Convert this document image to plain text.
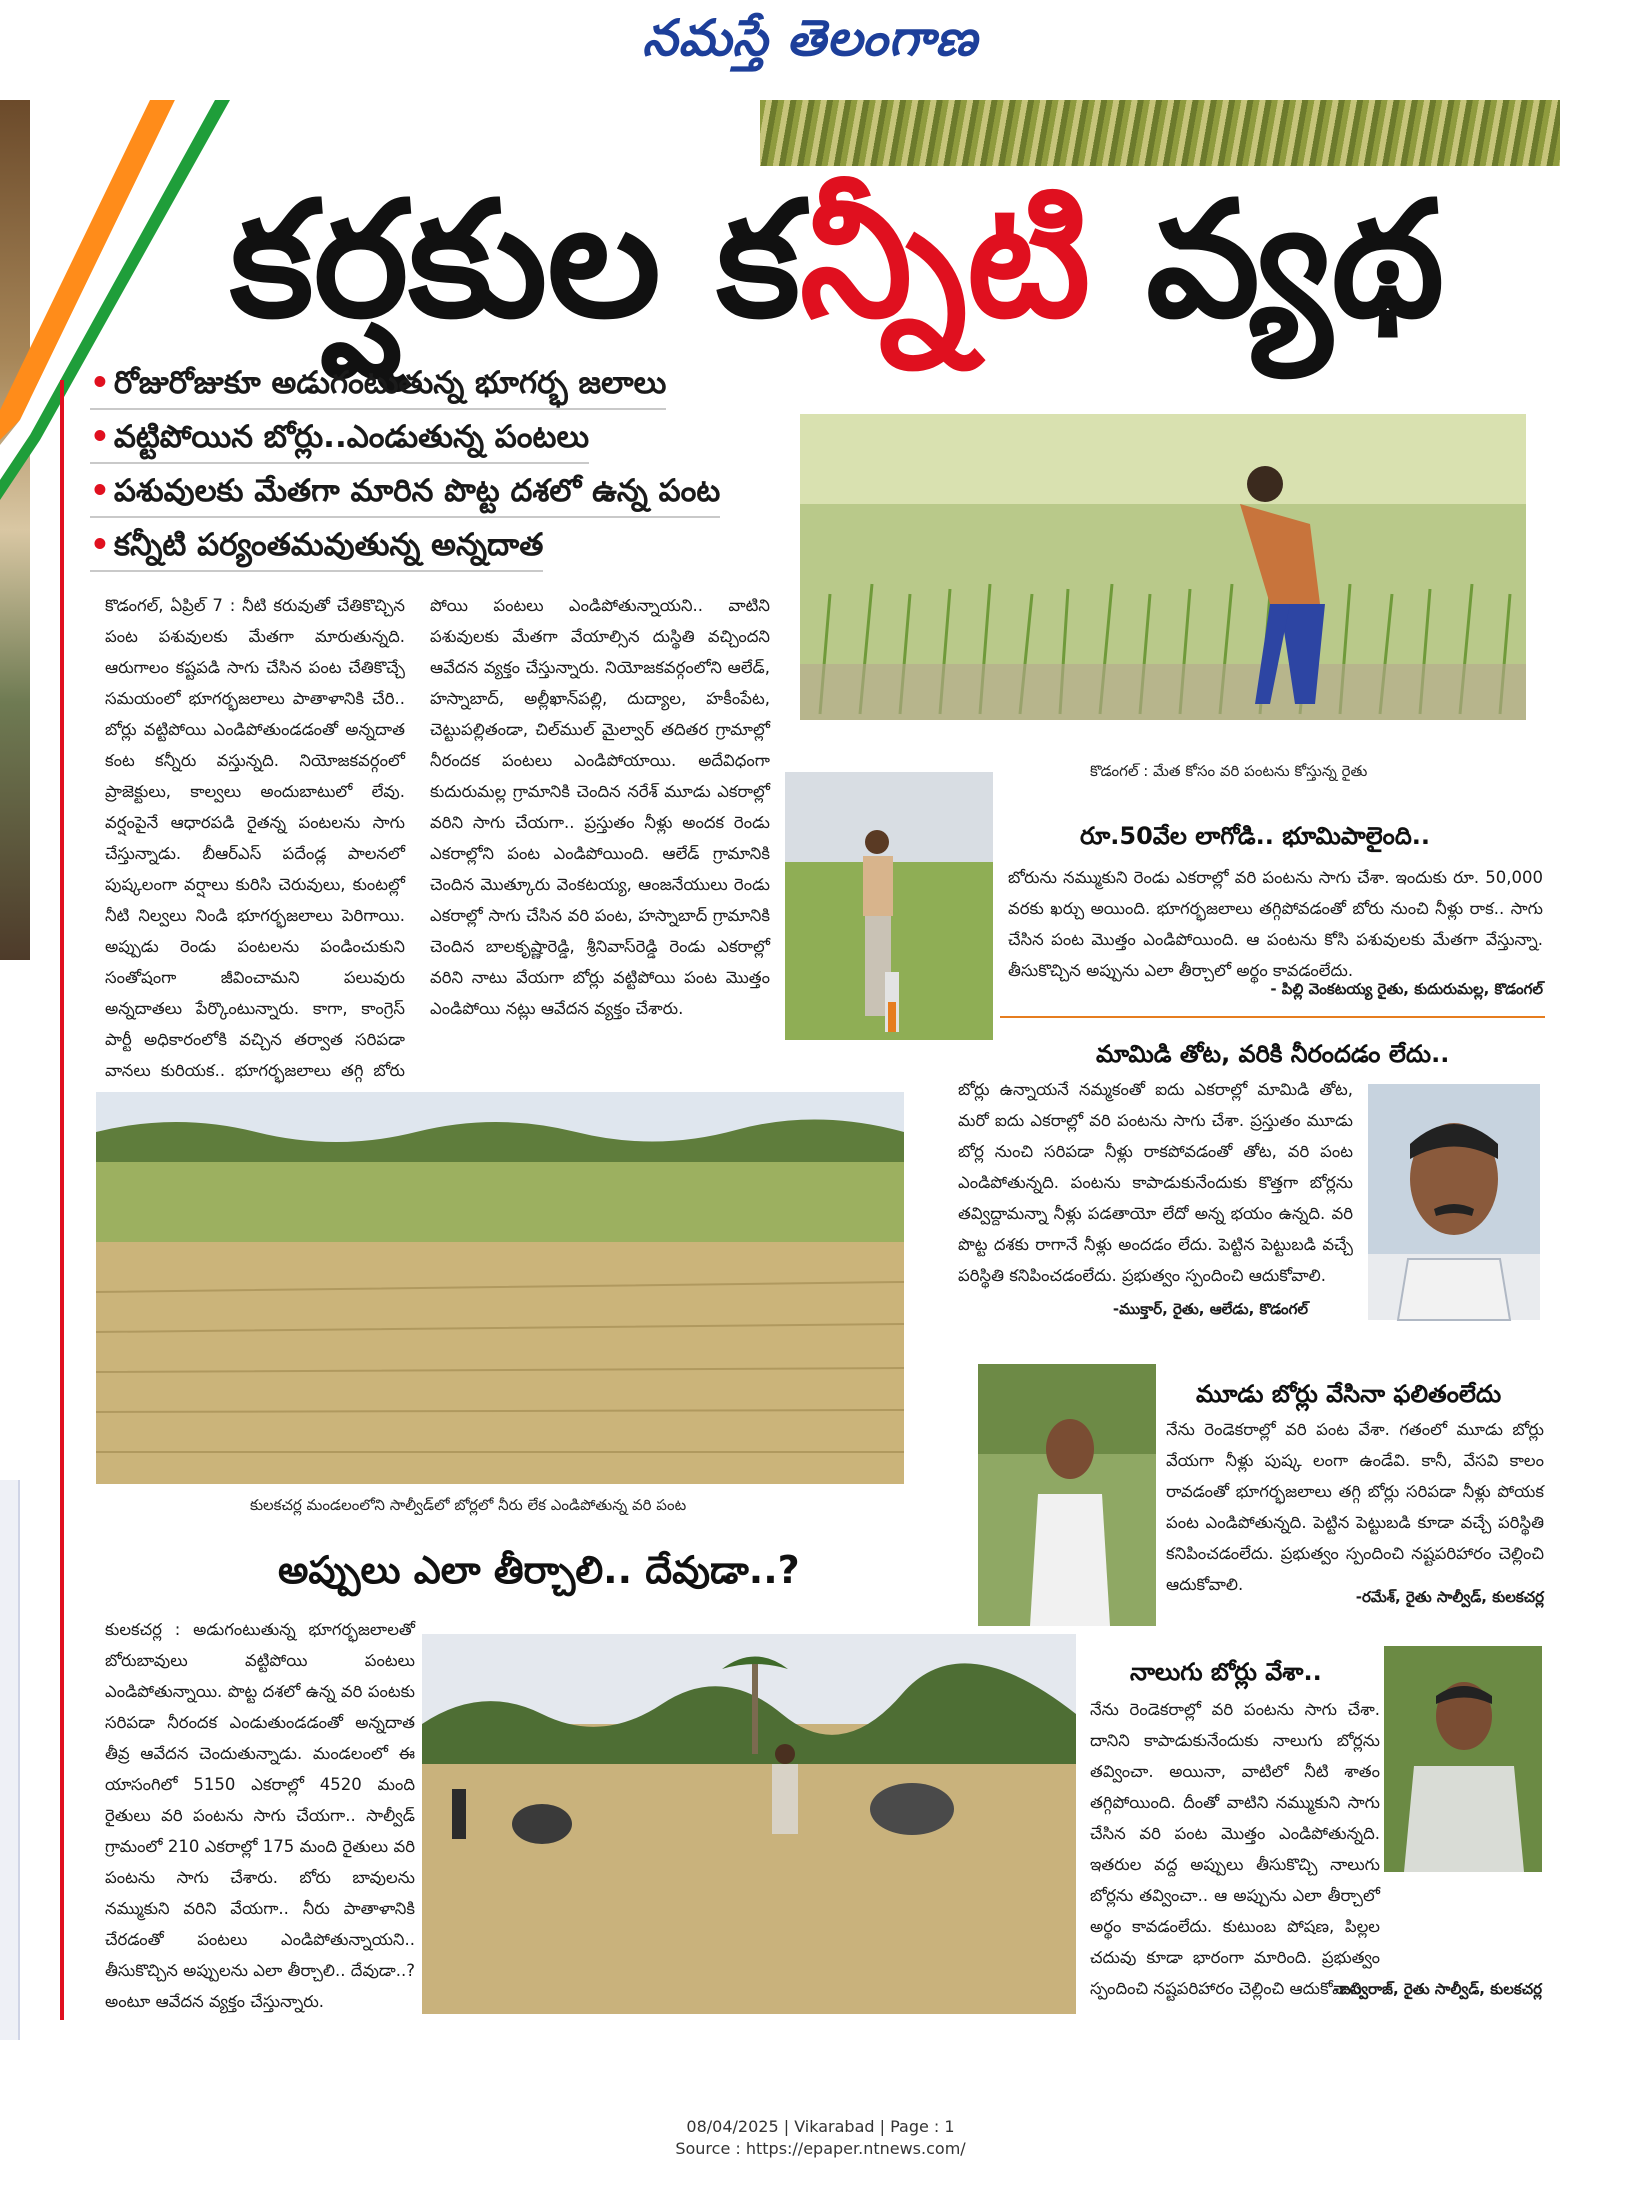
నమస్తే తెలంగాణ
కర్షకుల కన్నీటి వ్యథ
• రోజురోజుకూ అడుగంటుతున్న భూగర్భ జలాలు
• వట్టిపోయిన బోర్లు..ఎండుతున్న పంటలు
• పశువులకు మేతగా మారిన పొట్ట దశలో ఉన్న పంట
• కన్నీటి పర్యంతమవుతున్న అన్నదాత
కొడంగల్‌, ఏప్రిల్‌ 7 : నీటి కరువుతో చేతికొచ్చిన పంట పశువులకు మేతగా మారుతున్నది. ఆరుగాలం కష్టపడి సాగు చేసిన పంట చేతికొచ్చే సమయంలో భూగర్భజలాలు పాతాళానికి చేరి.. బోర్లు వట్టిపోయి ఎండిపోతుండడంతో అన్నదాత కంట కన్నీరు వస్తున్నది. నియోజకవర్గంలో ప్రాజెక్టులు, కాల్వలు అందుబాటులో లేవు. వర్షంపైనే ఆధారపడి రైతన్న పంటలను సాగు చేస్తున్నాడు. బీఆర్‌ఎస్‌ పదేండ్ల పాలనలో పుష్కలంగా వర్షాలు కురిసి చెరువులు, కుంటల్లో నీటి నిల్వలు నిండి భూగర్భజలాలు పెరిగాయి. అప్పుడు రెండు పంటలను పండించుకుని సంతోషంగా జీవించామని పలువురు అన్నదాతలు పేర్కొంటున్నారు. కాగా, కాంగ్రెస్‌ పార్టీ అధికారంలోకి వచ్చిన తర్వాత సరిపడా వానలు కురియక.. భూగర్భజలాలు తగ్గి బోరు
పోయి పంటలు ఎండిపోతున్నాయని.. వాటిని పశువులకు మేతగా వేయాల్సిన దుస్థితి వచ్చిందని ఆవేదన వ్యక్తం చేస్తున్నారు. నియోజకవర్గంలోని ఆలేడ్‌, హస్నాబాద్‌, అల్లీఖాన్‌పల్లి, దుద్యాల, హకీంపేట, చెట్టుపల్లితండా, చిల్‌ముల్‌ మైల్వార్‌ తదితర గ్రామాల్లో నీరందక పంటలు ఎండిపోయాయి. అదేవిధంగా కుదురుమల్ల గ్రామానికి చెందిన నరేశ్‌ మూడు ఎకరాల్లో వరిని సాగు చేయగా.. ప్రస్తుతం నీళ్లు అందక రెండు ఎకరాల్లోని పంట ఎండిపోయింది. ఆలేడ్‌ గ్రామానికి చెందిన మొత్కూరు వెంకటయ్య, ఆంజనేయులు రెండు ఎకరాల్లో సాగు చేసిన వరి పంట, హస్నాబాద్‌ గ్రామానికి చెందిన బాలకృష్ణారెడ్డి, శ్రీనివాస్‌రెడ్డి రెండు ఎకరాల్లో వరిని నాటు వేయగా బోర్లు వట్టిపోయి పంట మొత్తం ఎండిపోయి నట్లు ఆవేదన వ్యక్తం చేశారు.
కొడంగల్‌ : మేత కోసం వరి పంటను కోస్తున్న రైతు
రూ.50వేల లాగోడి.. భూమిపాలైంది..
బోరును నమ్ముకుని రెండు ఎకరాల్లో వరి పంటను సాగు చేశా. ఇందుకు రూ. 50,000 వరకు ఖర్చు అయింది. భూగర్భజలాలు తగ్గిపోవడంతో బోరు నుంచి నీళ్లు రాక.. సాగు చేసిన పంట మొత్తం ఎండిపోయింది. ఆ పంటను కోసి పశువులకు మేతగా వేస్తున్నా. తీసుకొచ్చిన అప్పును ఎలా తీర్చాలో అర్థం కావడంలేదు.
- పిల్లి వెంకటయ్య రైతు, కుదురుమల్ల, కొడంగల్‌
మామిడి తోట, వరికి నీరందడం లేదు..
బోర్లు ఉన్నాయనే నమ్మకంతో ఐదు ఎకరాల్లో మామిడి తోట, మరో ఐదు ఎకరాల్లో వరి పంటను సాగు చేశా. ప్రస్తుతం మూడు బోర్ల నుంచి సరిపడా నీళ్లు రాకపోవడంతో తోట, వరి పంట ఎండిపోతున్నది. పంటను కాపాడుకునేందుకు కొత్తగా బోర్లను తవ్విద్దామన్నా నీళ్లు పడతాయో లేదో అన్న భయం ఉన్నది. వరి పొట్ట దశకు రాగానే నీళ్లు అందడం లేదు. పెట్టిన పెట్టుబడి వచ్చే పరిస్థితి కనిపించడంలేదు. ప్రభుత్వం స్పందించి ఆదుకోవాలి.
-ముక్తార్‌, రైతు, ఆలేడు, కొడంగల్‌
కులకచర్ల మండలంలోని సాల్వీడ్‌లో బోర్లలో నీరు లేక ఎండిపోతున్న వరి పంట
మూడు బోర్లు వేసినా ఫలితంలేదు
నేను రెండెకరాల్లో వరి పంట వేశా. గతంలో మూడు బోర్లు వేయగా నీళ్లు పుష్క లంగా ఉండేవి. కానీ, వేసవి కాలం రావడంతో భూగర్భజలాలు తగ్గి బోర్లు సరిపడా నీళ్లు పోయక పంట ఎండిపోతున్నది. పెట్టిన పెట్టుబడి కూడా వచ్చే పరిస్థితి కనిపించడంలేదు. ప్రభుత్వం స్పందించి నష్టపరిహారం చెల్లించి ఆదుకోవాలి.
-రమేశ్‌, రైతు సాల్వీడ్‌, కులకచర్ల
అప్పులు ఎలా తీర్చాలి.. దేవుడా..?
కులకచర్ల : అడుగంటుతున్న భూగర్భజలాలతో బోరుబావులు వట్టిపోయి పంటలు ఎండిపోతున్నాయి. పొట్ట దశలో ఉన్న వరి పంటకు సరిపడా నీరందక ఎండుతుండడంతో అన్నదాత తీవ్ర ఆవేదన చెందుతున్నాడు. మండలంలో ఈ యాసంగిలో 5150 ఎకరాల్లో 4520 మంది రైతులు వరి పంటను సాగు చేయగా.. సాల్వీడ్‌ గ్రామంలో 210 ఎకరాల్లో 175 మంది రైతులు వరి పంటను సాగు చేశారు. బోరు బావులను నమ్ముకుని వరిని వేయగా.. నీరు పాతాళానికి చేరడంతో పంటలు ఎండిపోతున్నాయని.. తీసుకొచ్చిన అప్పులను ఎలా తీర్చాలి.. దేవుడా..? అంటూ ఆవేదన వ్యక్తం చేస్తున్నారు.
నాలుగు బోర్లు వేశా..
నేను రెండెకరాల్లో వరి పంటను సాగు చేశా. దానిని కాపాడుకునేందుకు నాలుగు బోర్లను తవ్వించా. అయినా, వాటిలో నీటి శాతం తగ్గిపోయింది. దీంతో వాటిని నమ్ముకుని సాగు చేసిన వరి పంట మొత్తం ఎండిపోతున్నది. ఇతరుల వద్ద అప్పులు తీసుకొచ్చి నాలుగు బోర్లను తవ్వించా.. ఆ అప్పును ఎలా తీర్చాలో అర్థం కావడంలేదు. కుటుంబ పోషణ, పిల్లల చదువు కూడా భారంగా మారింది. ప్రభుత్వం స్పందించి నష్టపరిహారం చెల్లించి ఆదుకోవాలి.
-బస్వరాజ్‌, రైతు సాల్వీడ్‌, కులకచర్ల
08/04/2025 | Vikarabad | Page : 1
Source : https://epaper.ntnews.com/
